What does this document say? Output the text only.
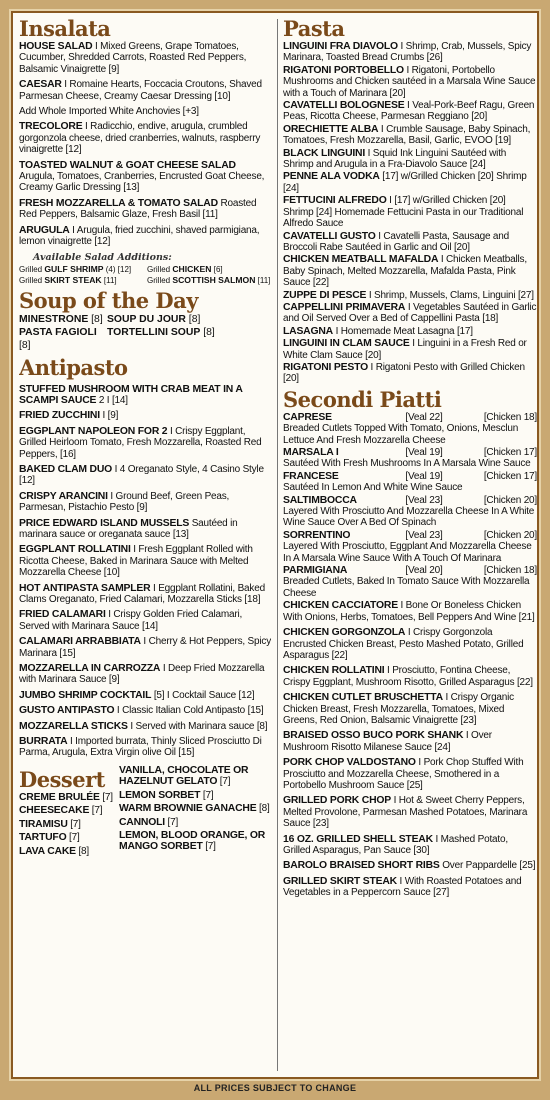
Insalata
HOUSE SALAD I Mixed Greens, Grape Tomatoes, Cucumber, Shredded Carrots, Roasted Red Peppers, Balsamic Vinaigrette [9]
CAESAR I Romaine Hearts, Foccacia Croutons, Shaved Parmesan Cheese, Creamy Caesar Dressing [10]
Add Whole Imported White Anchovies [+3]
TRECOLORE I Radicchio, endive, arugula, crumbled gorgonzola cheese, dried cranberries, walnuts, raspberry vinaigrette [12]
TOASTED WALNUT & GOAT CHEESE SALAD Arugula, Tomatoes, Cranberries, Encrusted Goat Cheese, Creamy Garlic Dressing [13]
FRESH MOZZARELLA & TOMATO SALAD Roasted Red Peppers, Balsamic Glaze, Fresh Basil [11]
ARUGULA I Arugula, fried zucchini, shaved parmigiana, lemon vinaigrette [12]
Available Salad Additions:
Grilled GULF SHRIMP (4) [12]	Grilled CHICKEN [6]
Grilled SKIRT STEAK [11]	Grilled SCOTTISH SALMON [11]
Soup of the Day
MINESTRONE [8] SOUP DU JOUR [8]
PASTA FAGIOLI [8]
TORTELLINI SOUP [8]
Antipasto
STUFFED MUSHROOM WITH CRAB MEAT IN A SCAMPI SAUCE 2 I [14]
FRIED ZUCCHINI I [9]
EGGPLANT NAPOLEON FOR 2 I Crispy Eggplant, Grilled Heirloom Tomato, Fresh Mozzarella, Roasted Red Peppers, [16]
BAKED CLAM DUO I 4 Oreganato Style, 4 Casino Style [12]
CRISPY ARANCINI I Ground Beef, Green Peas, Parmesan, Pistachio Pesto [9]
PRICE EDWARD ISLAND MUSSELS Sautéed in marinara sauce or oreganata sauce [13]
EGGPLANT ROLLATINI I Fresh Eggplant Rolled with Ricotta Cheese, Baked in Marinara Sauce with Melted Mozzarella Cheese [10]
HOT ANTIPASTA SAMPLER I Eggplant Rollatini, Baked Clams Oreganato, Fried Calamari, Mozzarella Sticks [18]
FRIED CALAMARI I Crispy Golden Fried Calamari, Served with Marinara Sauce [14]
CALAMARI ARRABBIATA I Cherry & Hot Peppers, Spicy Marinara [15]
MOZZARELLA IN CARROZZA I Deep Fried Mozzarella with Marinara Sauce [9]
JUMBO SHRIMP COCKTAIL [5] I Cocktail Sauce [12]
GUSTO ANTIPASTO I Classic Italian Cold Antipasto [15]
MOZZARELLA STICKS I Served with Marinara sauce [8]
BURRATA I Imported burrata, Thinly Sliced Prosciutto Di Parma, Arugula, Extra Virgin olive Oil [15]
Dessert
CREME BRULÉE [7]
CHEESECAKE [7]
TIRAMISU [7]
TARTUFO [7]
LAVA CAKE [8]
VANILLA, CHOCOLATE OR HAZELNUT GELATO [7]
LEMON SORBET [7]
WARM BROWNIE GANACHE [8]
CANNOLI [7]
LEMON, BLOOD ORANGE, OR MANGO SORBET [7]
Pasta
LINGUINI FRA DIAVOLO I Shrimp, Crab, Mussels, Spicy Marinara, Toasted Bread Crumbs [26]
RIGATONI PORTOBELLO I Rigatoni, Portobello Mushrooms and Chicken sautéed in a Marsala Wine Sauce with a Touch of Marinara [20]
CAVATELLI BOLOGNESE I Veal-Pork-Beef Ragu, Green Peas, Ricotta Cheese, Parmesan Reggiano [20]
ORECHIETTE ALBA I Crumble Sausage, Baby Spinach, Tomatoes, Fresh Mozzarella, Basil, Garlic, EVOO [19]
BLACK LINGUINI I Squid Ink Linguini Sautéed with Shrimp and Arugula in a Fra-Diavolo Sauce [24]
PENNE ALA VODKA [17] w/Grilled Chicken [20] Shrimp [24]
FETTUCINI ALFREDO I [17] w/Grilled Chicken [20] Shrimp [24] Homemade Fettucini Pasta in our Traditional Alfredo Sauce
CAVATELLI GUSTO I Cavatelli Pasta, Sausage and Broccoli Rabe Sautéed in Garlic and Oil [20]
CHICKEN MEATBALL MAFALDA I Chicken Meatballs, Baby Spinach, Melted Mozzarella, Mafalda Pasta, Pink Sauce [22]
ZUPPE DI PESCE I Shrimp, Mussels, Clams, Linguini [27]
CAPPELLINI PRIMAVERA I Vegetables Sautéed in Garlic and Oil Served Over a Bed of Cappellini Pasta [18]
LASAGNA I Homemade Meat Lasagna [17]
LINGUINI IN CLAM SAUCE I Linguini in a Fresh Red or White Clam Sauce [20]
RIGATONI PESTO I Rigatoni Pesto with Grilled Chicken [20]
Secondi Piatti
CAPRESE	[Veal 22]	[Chicken 18]
Breaded Cutlets Topped With Tomato, Onions, Mesclun Lettuce And Fresh Mozzarella Cheese
MARSALA I	[Veal 19]	[Chicken 17]
Sautéed With Fresh Mushrooms In A Marsala Wine Sauce
FRANCESE	[Veal 19]	[Chicken 17]
Sautéed In Lemon And White Wine Sauce
SALTIMBOCCA	[Veal 23]	[Chicken 20]
Layered With Prosciutto And Mozzarella Cheese In A White Wine Sauce Over A Bed Of Spinach
SORRENTINO	[Veal 23]	[Chicken 20]
Layered With Prosciutto, Eggplant And Mozzarella Cheese In A Marsala Wine Sauce With A Touch Of Marinara
PARMIGIANA	[Veal 20]	[Chicken 18]
Breaded Cutlets, Baked In Tomato Sauce With Mozzarella Cheese
CHICKEN CACCIATORE I Bone Or Boneless Chicken With Onions, Herbs, Tomatoes, Bell Peppers And Wine [21]
CHICKEN GORGONZOLA I Crispy Gorgonzola Encrusted Chicken Breast, Pesto Mashed Potato, Grilled Asparagus [22]
CHICKEN ROLLATINI I Prosciutto, Fontina Cheese, Crispy Eggplant, Mushroom Risotto, Grilled Asparagus [22]
CHICKEN CUTLET BRUSCHETTA I Crispy Organic Chicken Breast, Fresh Mozzarella, Tomatoes, Mixed Greens, Red Onion, Balsamic Vinaigrette [23]
BRAISED OSSO BUCO PORK SHANK I Over Mushroom Risotto Milanese Sauce [24]
PORK CHOP VALDOSTANO I Pork Chop Stuffed With Prosciutto and Mozzarella Cheese, Smothered in a Portobello Mushroom Sauce [25]
GRILLED PORK CHOP I Hot & Sweet Cherry Peppers, Melted Provolone, Parmesan Mashed Potatoes, Marinara Sauce [23]
16 OZ. GRILLED SHELL STEAK I Mashed Potato, Grilled Asparagus, Pan Sauce [30]
BAROLO BRAISED SHORT RIBS Over Pappardelle [25]
GRILLED SKIRT STEAK I With Roasted Potatoes and Vegetables in a Peppercorn Sauce [27]
ALL PRICES SUBJECT TO CHANGE
